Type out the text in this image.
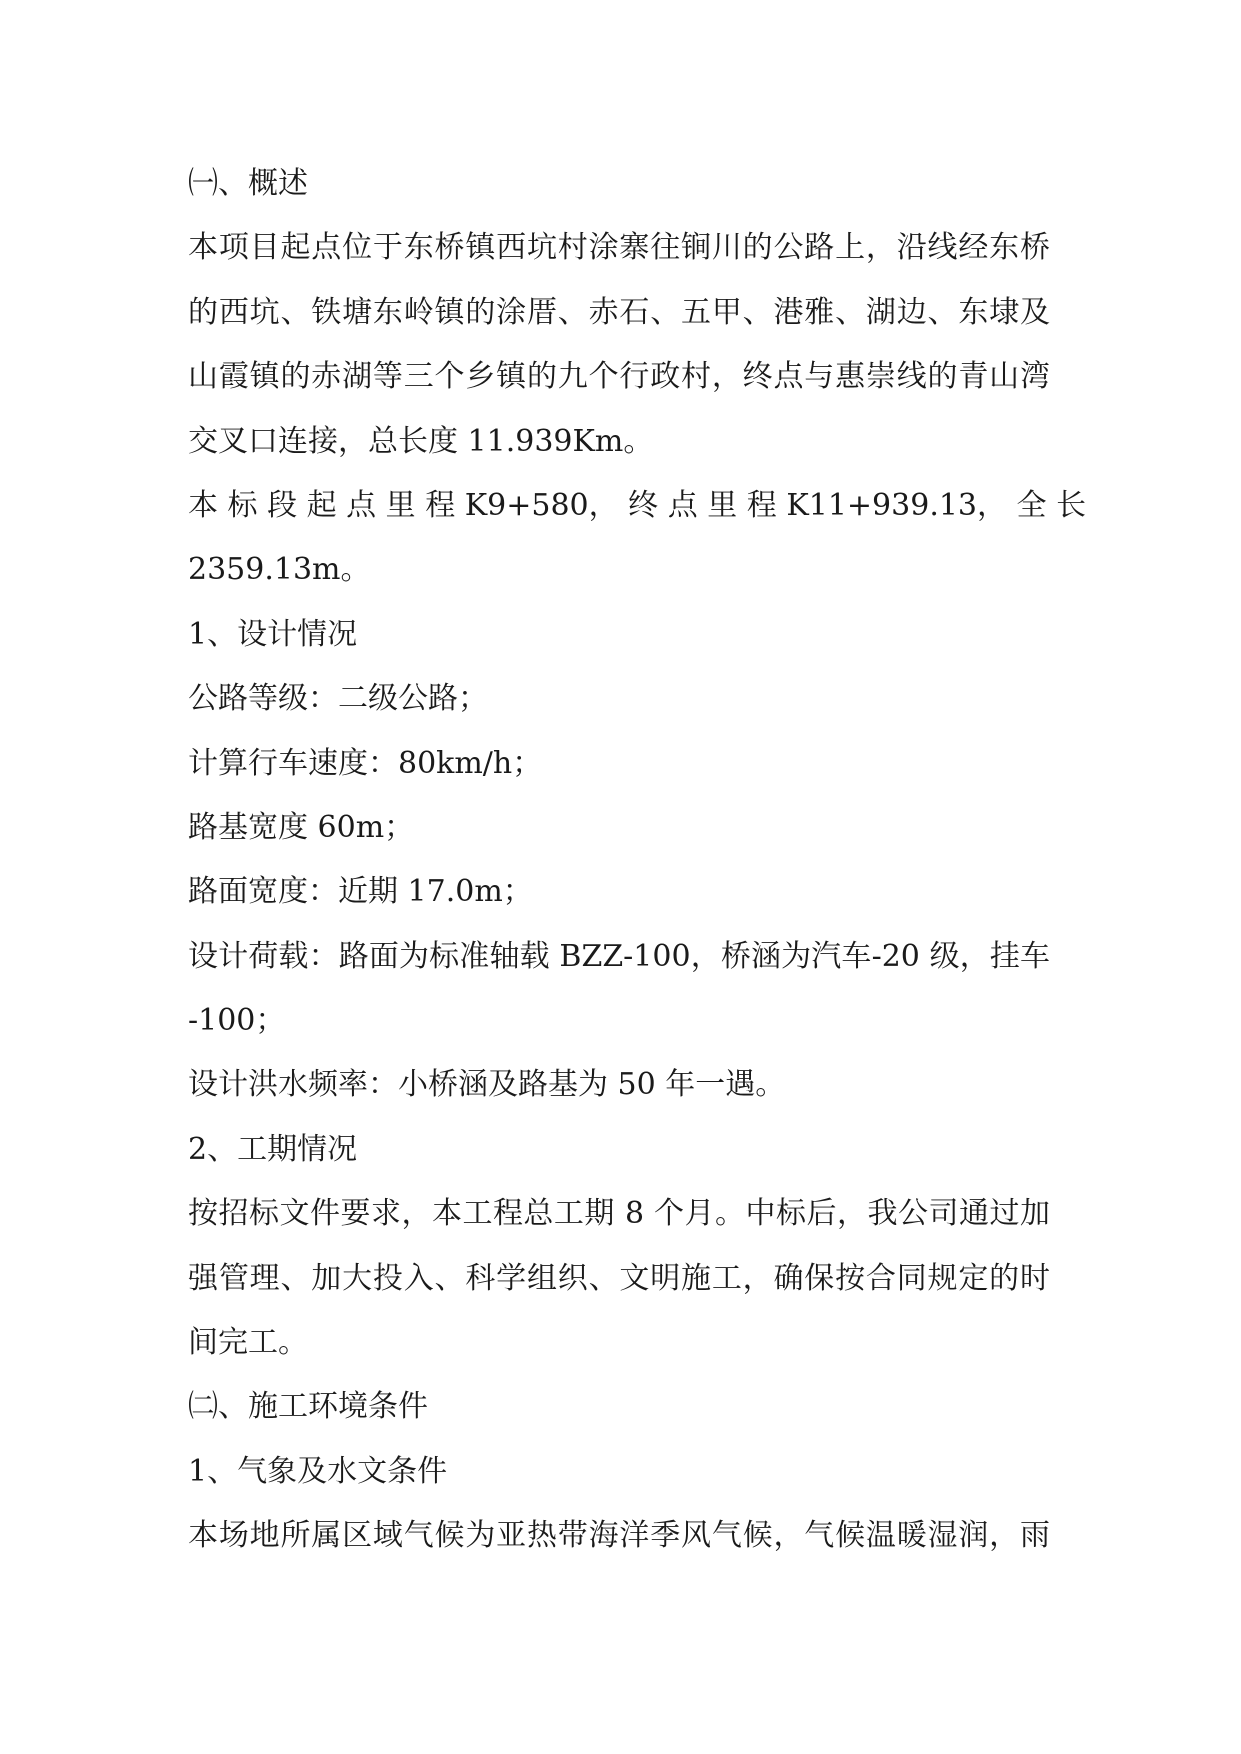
㈠、概述

本项目起点位于东桥镇西坑村涂寨往锏川的公路上，沿线经东桥

的西坑、铁塘东岭镇的涂厝、赤石、五甲、港雅、湖边、东埭及

山霞镇的赤湖等三个乡镇的九个行政村，终点与惠崇线的青山湾

交叉口连接，总长度 11.939Km。

本 标 段 起 点 里 程 K9+580， 终 点 里 程 K11+939.13， 全 长

2359.13m。

1、设计情况

公路等级：二级公路；

计算行车速度：80km/h；

路基宽度 60m；

路面宽度：近期 17.0m；

设计荷载：路面为标准轴载 BZZ-100，桥涵为汽车-20 级，挂车

-100；

设计洪水频率：小桥涵及路基为 50 年一遇。

2、工期情况

按招标文件要求，本工程总工期 8 个月。中标后，我公司通过加

强管理、加大投入、科学组织、文明施工，确保按合同规定的时

间完工。

㈡、施工环境条件

1、气象及水文条件

本场地所属区域气候为亚热带海洋季风气候，气候温暖湿润，雨
